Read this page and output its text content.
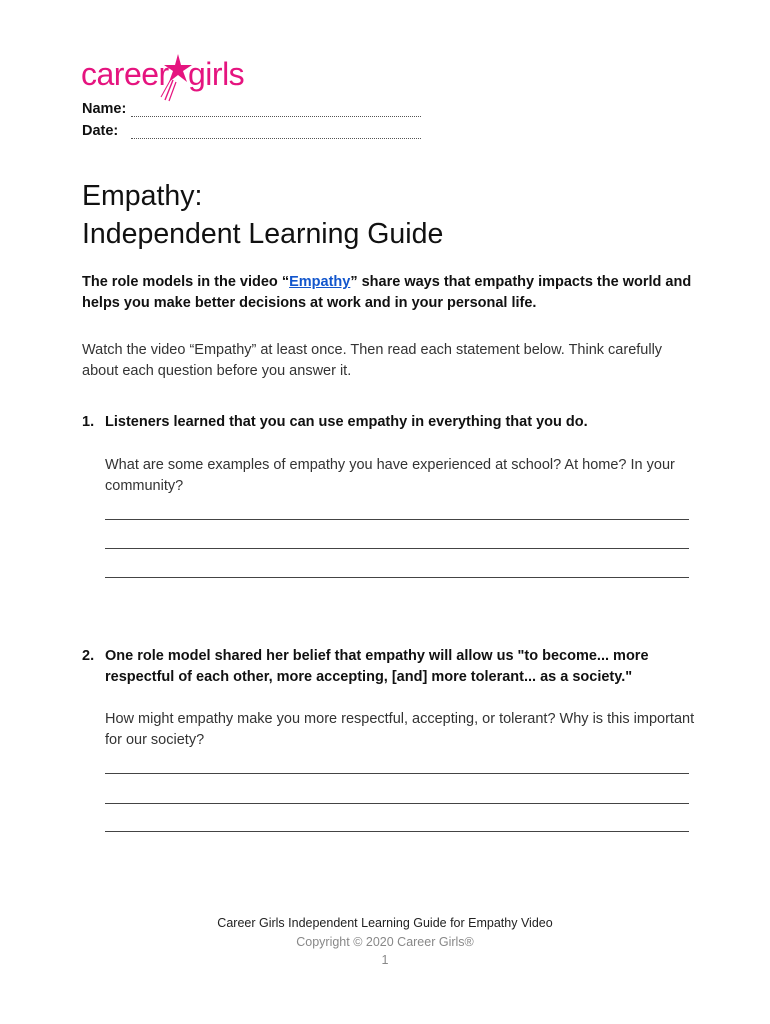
career girls
Name:
Date:
Empathy:
Independent Learning Guide

The role models in the video “Empathy” share ways that empathy impacts the world and helps you make better decisions at work and in your personal life.

Watch the video “Empathy” at least once. Then read each statement below. Think carefully about each question before you answer it.

1. Listeners learned that you can use empathy in everything that you do.
What are some examples of empathy you have experienced at school? At home? In your community?
2. One role model shared her belief that empathy will allow us "to become... more respectful of each other, more accepting, [and] more tolerant... as a society."
How might empathy make you more respectful, accepting, or tolerant? Why is this important for our society?
Career Girls Independent Learning Guide for Empathy Video
Copyright © 2020 Career Girls®
1
